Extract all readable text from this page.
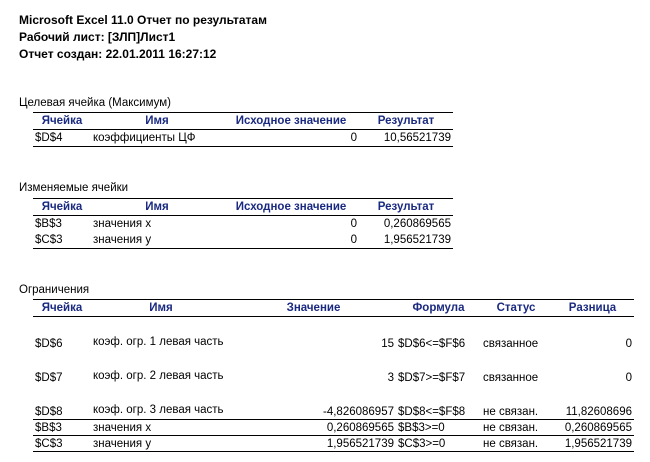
Microsoft Excel 11.0 Отчет по результатам
Рабочий лист: [ЗЛП]Лист1
Отчет создан: 22.01.2011 16:27:12
Целевая ячейка (Максимум)
Ячейка	Имя	Исходное значение	Результат
$D$4	коэффициенты ЦФ	0	10,56521739
Изменяемые ячейки
Ячейка	Имя	Исходное значение	Результат
$B$3	значения x	0	0,260869565
$C$3	значения y	0	1,956521739
Ограничения
Ячейка	Имя	Значение	Формула	Статус	Разница
$D$6	коэф. огр. 1 левая часть	15	$D$6<=$F$6	связанное	0
$D$7	коэф. огр. 2 левая часть	3	$D$7>=$F$7	связанное	0
$D$8	коэф. огр. 3 левая часть	-4,826086957	$D$8<=$F$8	не связан.	11,82608696
$B$3	значения x	0,260869565	$B$3>=0	не связан.	0,260869565
$C$3	значения y	1,956521739	$C$3>=0	не связан.	1,956521739
